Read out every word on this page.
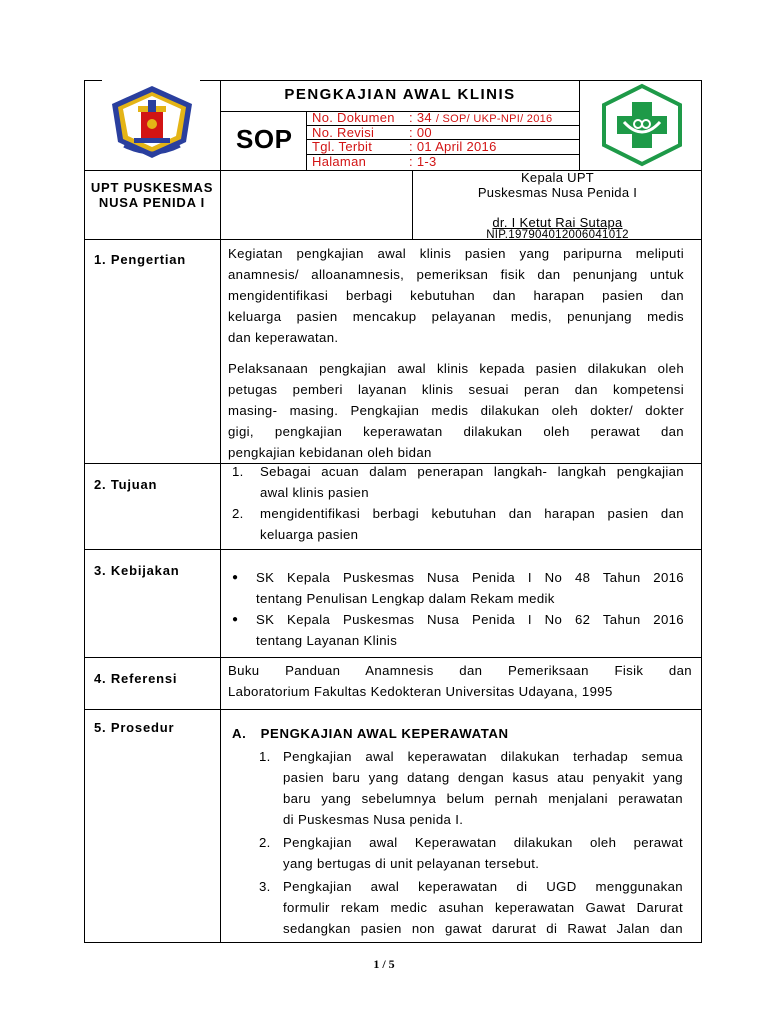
PENGKAJIAN AWAL KLINIS
SOP
No. Dokumen : 34 / SOP/ UKP-NPI/ 2016
No. Revisi	: 00
Tgl. Terbit	: 01 April 2016
Halaman	: 1-3
UPT PUSKESMAS
NUSA PENIDA I
Kepala UPT
Puskesmas Nusa Penida I
dr. I Ketut Rai Sutapa
NIP.197904012006041012
1. Pengertian	Kegiatan pengkajian awal klinis pasien yang paripurna meliputi
anamnesis/ alloanamnesis, pemeriksan fisik dan penunjang untuk
mengidentifikasi berbagi kebutuhan dan harapan pasien dan
keluarga pasien mencakup pelayanan medis, penunjang medis
dan keperawatan.
Pelaksanaan pengkajian awal klinis kepada pasien dilakukan oleh
petugas pemberi layanan klinis sesuai peran dan kompetensi
masing- masing. Pengkajian medis dilakukan oleh dokter/ dokter
gigi,  pengkajian  keperawatan  dilakukan  oleh  perawat  dan
pengkajian kebidanan oleh bidan
2. Tujuan
1.	Sebagai acuan dalam penerapan langkah- langkah pengkajian
awal klinis pasien
2.	mengidentifikasi berbagi kebutuhan dan harapan pasien dan
keluarga pasien
3. Kebijakan	●	SK Kepala Puskesmas Nusa Penida I No 48 Tahun 2016
tentang Penulisan Lengkap dalam Rekam medik
●	SK Kepala Puskesmas Nusa Penida I No 62 Tahun 2016
tentang Layanan Klinis
4. Referensi
Buku    Panduan    Anamnesis    dan    Pemeriksaan    Fisik    dan
Laboratorium Fakultas Kedokteran Universitas Udayana, 1995
5. Prosedur	A. PENGKAJIAN AWAL KEPERAWATAN
1. Pengkajian awal keperawatan dilakukan terhadap semua
pasien baru yang datang dengan kasus atau penyakit yang
baru yang sebelumnya belum pernah menjalani perawatan
di Puskesmas Nusa penida I.
2. Pengkajian  awal  Keperawatan  dilakukan  oleh  perawat
yang bertugas di unit pelayanan tersebut.
3. Pengkajian  awal  keperawatan  di  UGD  menggunakan
formulir rekam medic asuhan keperawatan Gawat Darurat
sedangkan pasien non gawat darurat di Rawat Jalan dan
1 / 5
